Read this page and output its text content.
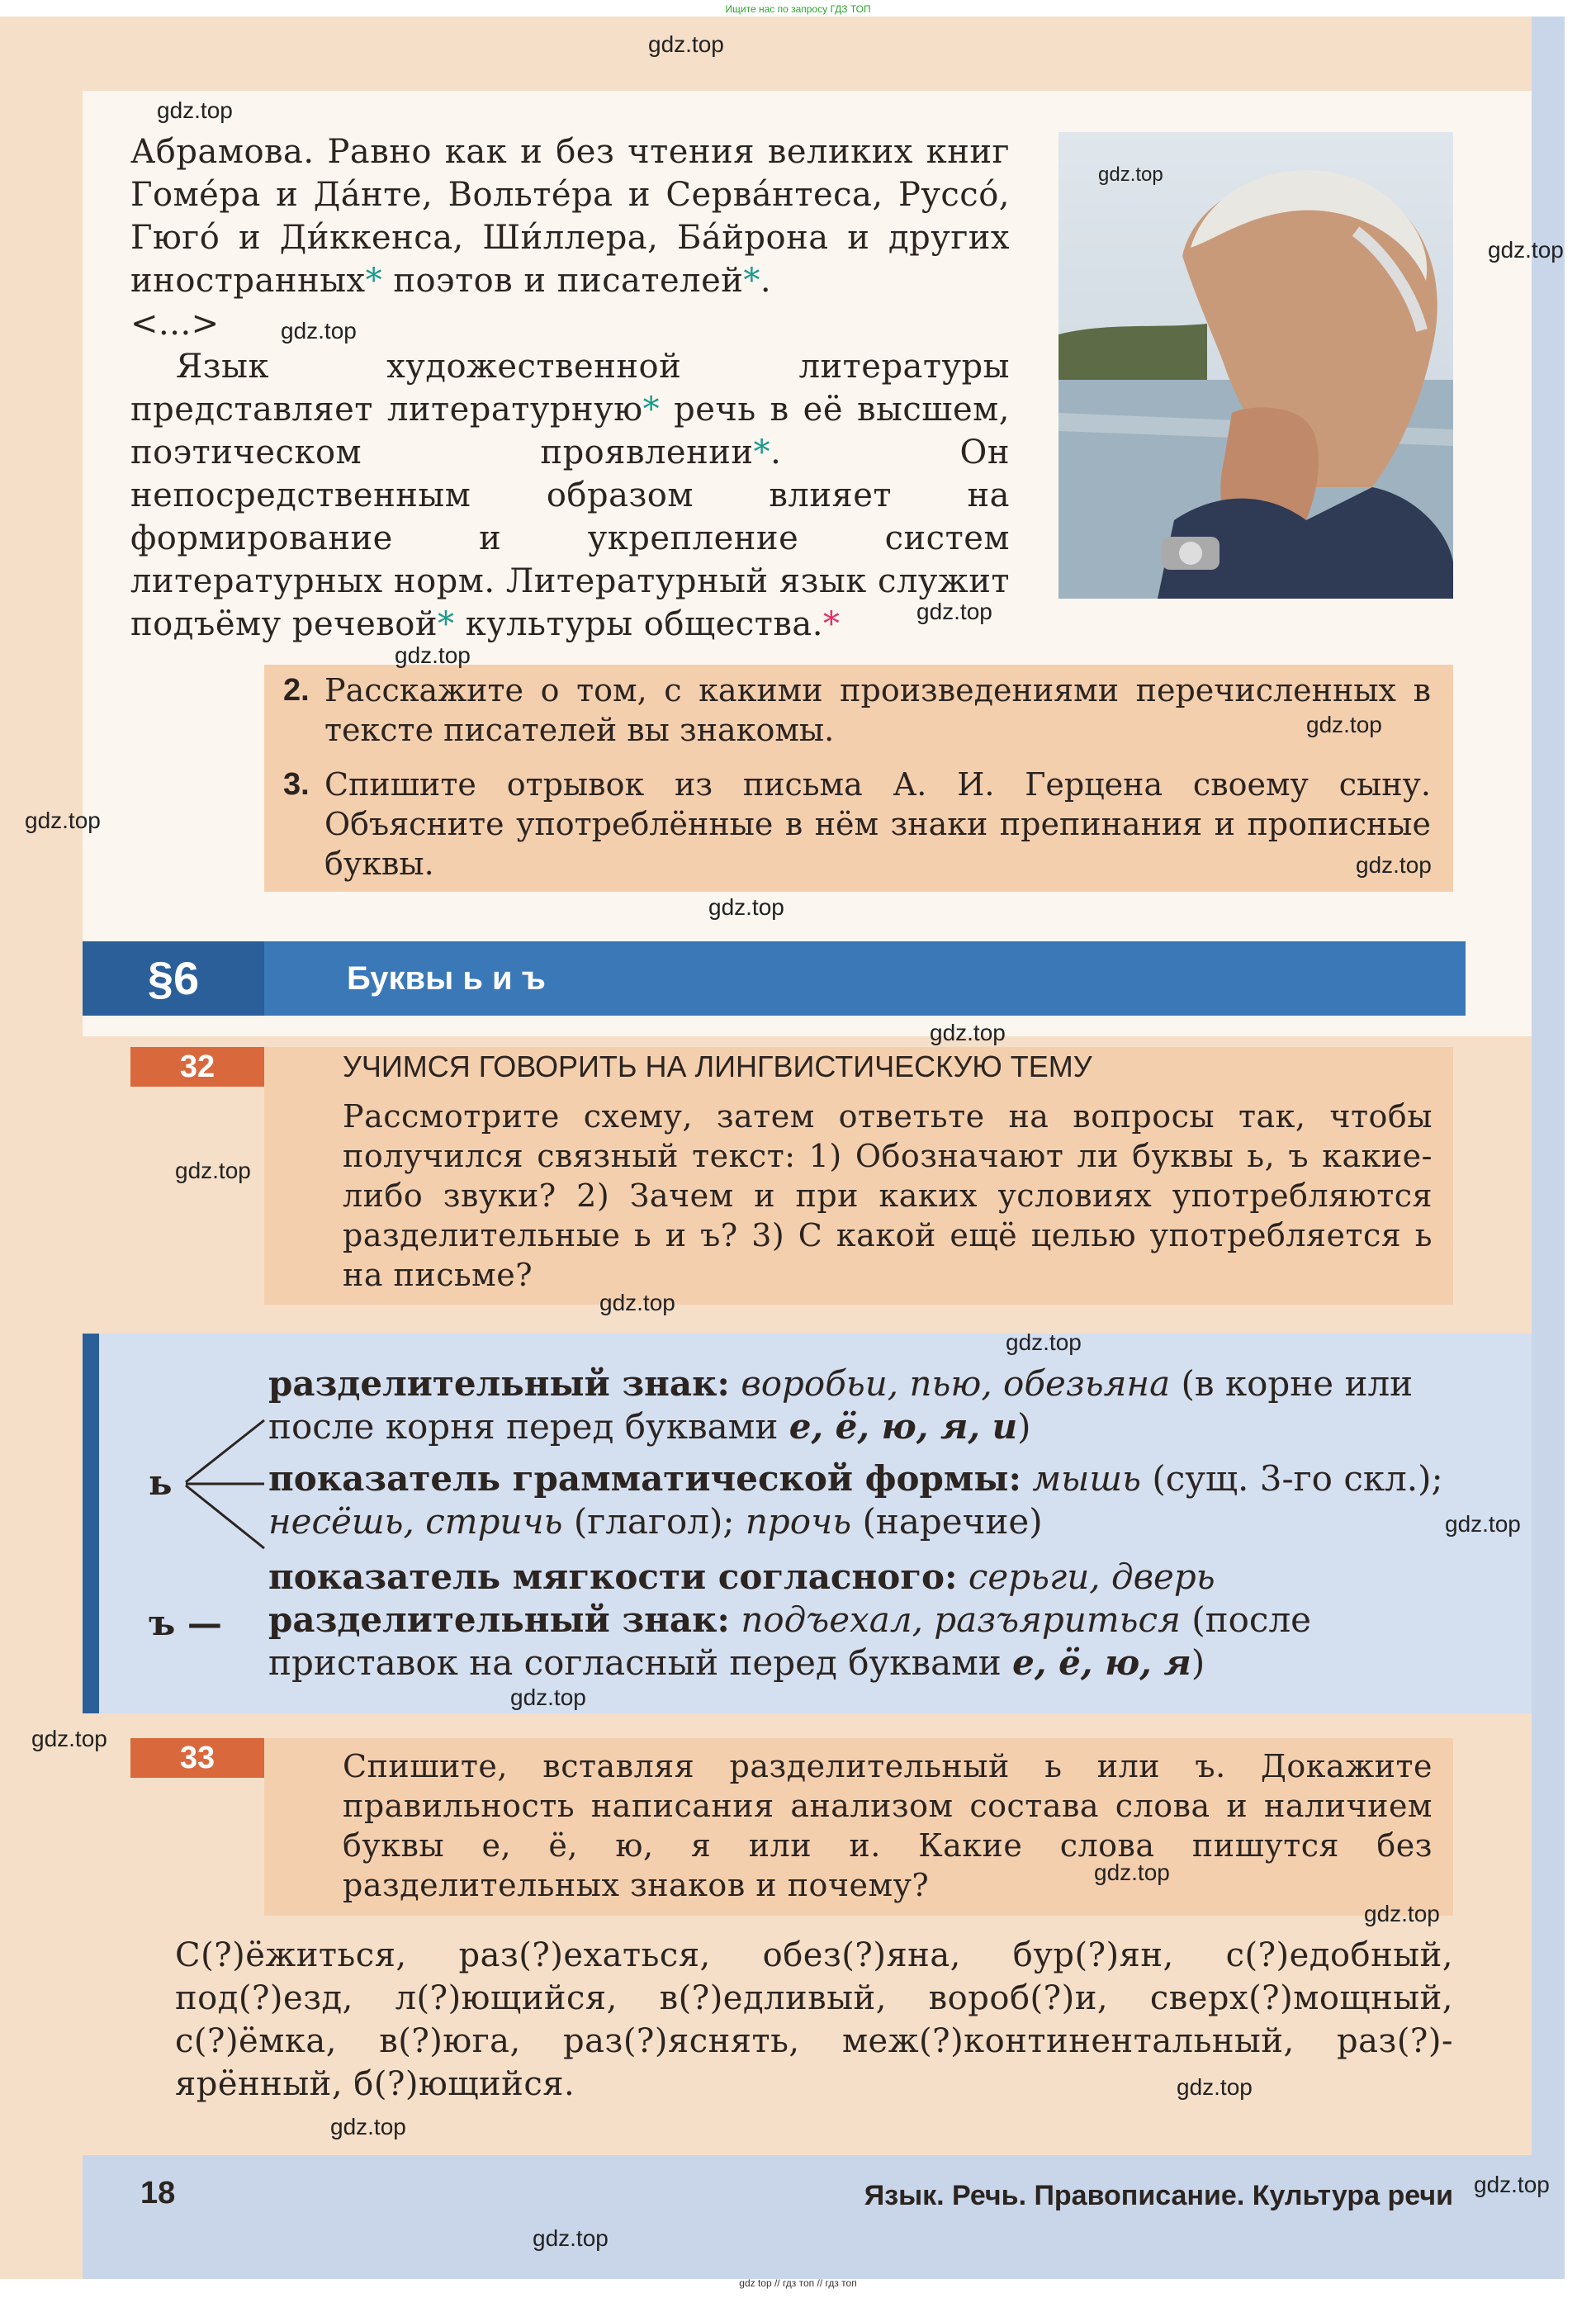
Ищите нас по запросу ГДЗ ТОП

Абрамова. Равно как и без чтения великих книг Гоме́ра и Да́нте, Вольте́ра и Серва́нтеса, Руссо́, Гюго́ и Ди́ккенса, Ши́ллера, Ба́йрона и других иностранных* поэтов и писателей*.

<...>

Язык художественной литературы представляет литературную* речь в её высшем, поэтическом проявлении*. Он непосредственным образом влияет на формирование и укрепление систем литературных норм. Литературный язык служит подъёму речевой* культуры общества.*

2. Расскажите о том, с какими произведениями перечисленных в тексте писателей вы знакомы.
3. Спишите отрывок из письма А. И. Герцена своему сыну. Объясните употреблённые в нём знаки препинания и прописные буквы.
§6	Буквы ь и ъ
32	УЧИМСЯ ГОВОРИТЬ НА ЛИНГВИСТИЧЕСКУЮ ТЕМУ
Рассмотрите схему, затем ответьте на вопросы так, чтобы получился связный текст: 1) Обозначают ли буквы ь, ъ какие-либо звуки? 2) Зачем и при каких условиях употребляются разделительные ь и ъ? 3) С какой ещё целью употребляется ь на письме?
ь
ъ —
разделительный знак: воробьи, пью, обезьяна (в корне или после корня перед буквами е, ё, ю, я, и)
показатель грамматической формы: мышь (сущ. 3-го скл.); несёшь, стричь (глагол); прочь (наречие)
показатель мягкости согласного: серьги, дверь
разделительный знак: подъехал, разъяриться (после приставок на согласный перед буквами е, ё, ю, я)
33	Спишите, вставляя разделительный ь или ъ. Докажите правильность написания анализом состава слова и наличием буквы е, ё, ю, я или и. Какие слова пишутся без разделительных знаков и почему?
С(?)ёжиться, раз(?)ехаться, обез(?)яна, бур(?)ян, с(?)едобный, под(?)езд, л(?)ющийся, в(?)едливый, вороб(?)и, сверх(?)мощный, с(?)ёмка, в(?)юга, раз(?)яснять, меж(?)континентальный, раз(?)-ярённый, б(?)ющийся.
18	Язык. Речь. Правописание. Культура речи
gdz top // гдз топ // гдз топ
gdz.top
gdz.top
gdz.top
gdz.top
gdz.top
gdz.top
gdz.top
gdz.top
gdz.top
gdz.top
gdz.top
gdz.top
gdz.top
gdz.top
gdz.top
gdz.top
gdz.top
gdz.top
gdz.top
gdz.top
gdz.top
gdz.top
gdz.top
gdz.top
